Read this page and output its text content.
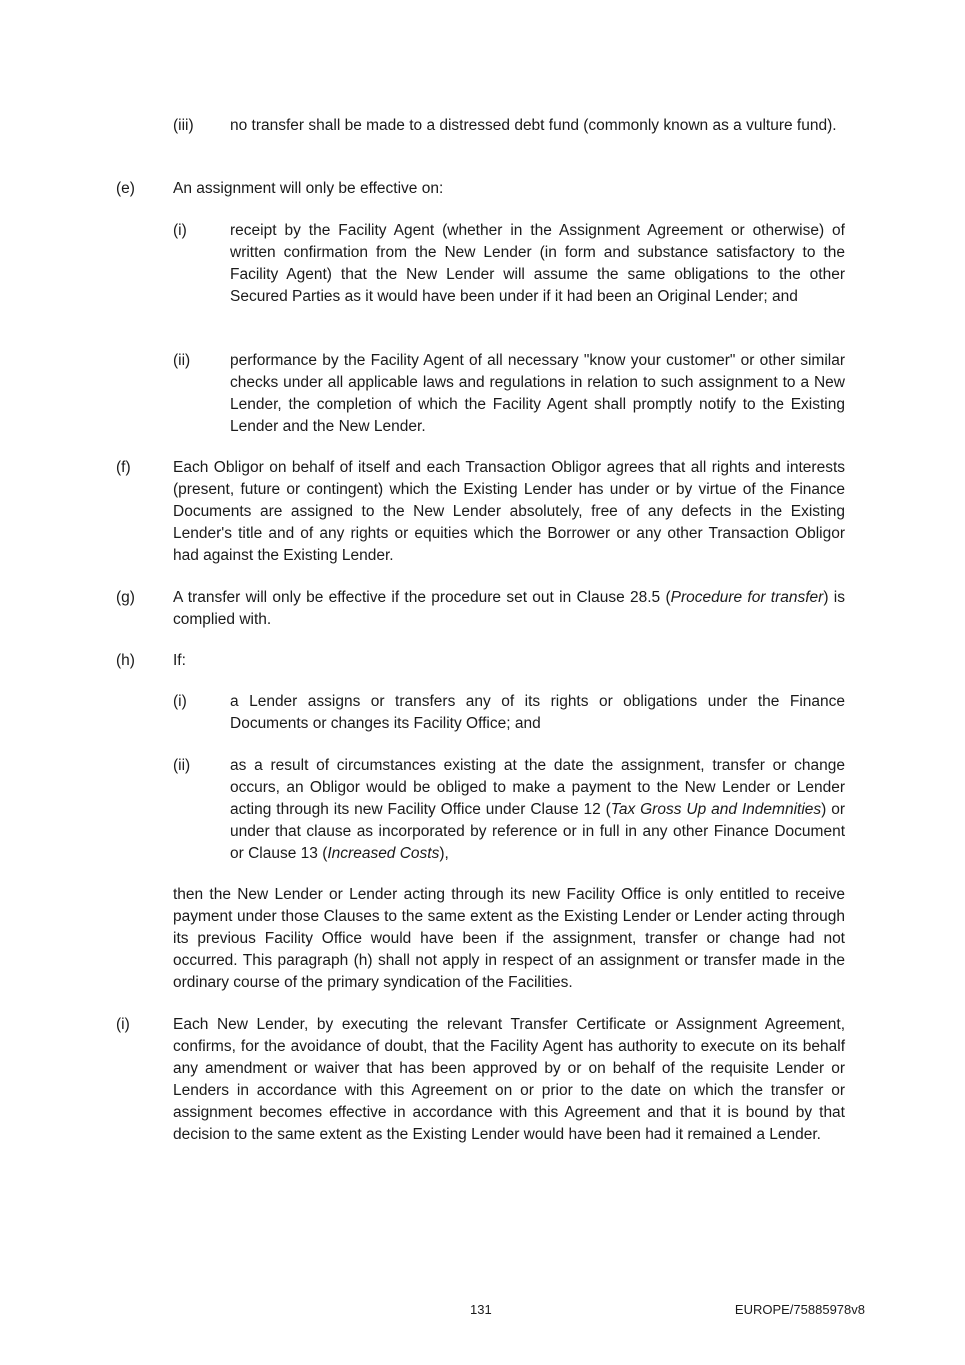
(iii) no transfer shall be made to a distressed debt fund (commonly known as a vulture fund).
(e) An assignment will only be effective on:
(i)	receipt by the Facility Agent (whether in the Assignment Agreement or otherwise) of written confirmation from the New Lender (in form and substance satisfactory to the Facility Agent) that the New Lender will assume the same obligations to the other Secured Parties as it would have been under if it had been an Original Lender; and
(ii)	performance by the Facility Agent of all necessary "know your customer" or other similar checks under all applicable laws and regulations in relation to such assignment to a New Lender, the completion of which the Facility Agent shall promptly notify to the Existing Lender and the New Lender.
(f)	Each Obligor on behalf of itself and each Transaction Obligor agrees that all rights and interests (present, future or contingent) which the Existing Lender has under or by virtue of the Finance Documents are assigned to the New Lender absolutely, free of any defects in the Existing Lender's title and of any rights or equities which the Borrower or any other Transaction Obligor had against the Existing Lender.
(g) A transfer will only be effective if the procedure set out in Clause 28.5 (Procedure for transfer) is complied with.
(h) If:
(i)	a Lender assigns or transfers any of its rights or obligations under the Finance Documents or changes its Facility Office; and
(ii)	as a result of circumstances existing at the date the assignment, transfer or change occurs, an Obligor would be obliged to make a payment to the New Lender or Lender acting through its new Facility Office under Clause 12 (Tax Gross Up and Indemnities) or under that clause as incorporated by reference or in full in any other Finance Document or Clause 13 (Increased Costs),
then the New Lender or Lender acting through its new Facility Office is only entitled to receive payment under those Clauses to the same extent as the Existing Lender or Lender acting through its previous Facility Office would have been if the assignment, transfer or change had not occurred. This paragraph (h) shall not apply in respect of an assignment or transfer made in the ordinary course of the primary syndication of the Facilities.
(i)	Each New Lender, by executing the relevant Transfer Certificate or Assignment Agreement, confirms, for the avoidance of doubt, that the Facility Agent has authority to execute on its behalf any amendment or waiver that has been approved by or on behalf of the requisite Lender or Lenders in accordance with this Agreement on or prior to the date on which the transfer or assignment becomes effective in accordance with this Agreement and that it is bound by that decision to the same extent as the Existing Lender would have been had it remained a Lender.
131	EUROPE/75885978v8
